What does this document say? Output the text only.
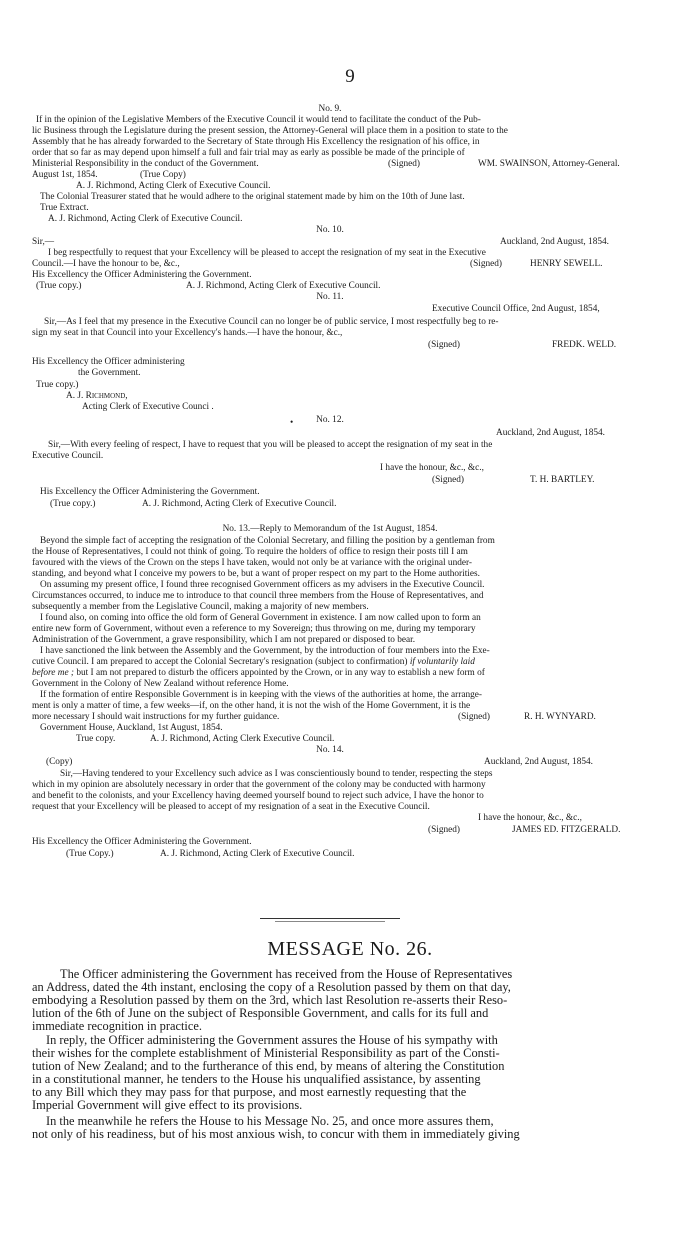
9

No. 9.

If in the opinion of the Legislative Members of the Executive Council it would tend to facilitate the conduct of the Pub-

lic Business through the Legislature during the present session, the Attorney-General will place them in a position to state to the

Assembly that he has already forwarded to the Secretary of State through His Excellency the resignation of his office, in

order that so far as may depend upon himself a full and fair trial may as early as possible be made of the principle of

Ministerial Responsibility in the conduct of the Government.	(Signed)	WM. SWAINSON, Attorney-General.

August 1st, 1854.	(True Copy)

A. J. Richmond, Acting Clerk of Executive Council.

The Colonial Treasurer stated that he would adhere to the original statement made by him on the 10th of June last.

True Extract.

A. J. Richmond, Acting Clerk of Executive Council.

No. 10.

Sir,—	Auckland, 2nd August, 1854.

I beg respectfully to request that your Excellency will be pleased to accept the resignation of my seat in the Executive

Council.—I have the honour to be, &c.,	(Signed)	HENRY SEWELL.

His Excellency the Officer Administering the Government.

(True copy.)	A. J. Richmond, Acting Clerk of Executive Council.

No. 11.

Executive Council Office, 2nd August, 1854,

Sir,—As I feel that my presence in the Executive Council can no longer be of public service, I most respectfully beg to re-

sign my seat in that Council into your Excellency's hands.—I have the honour, &c.,

(Signed)	FREDK. WELD.

His Excellency the Officer administering

the Government.

True copy.)

A. J. Richmond,

Acting Clerk of Executive Counci .

•	No. 12.

Auckland, 2nd August, 1854.

Sir,—With every feeling of respect, I have to request that you will be pleased to accept the resignation of my seat in the

Executive Council.

I have the honour, &c., &c.,

(Signed)	T. H. BARTLEY.

His Excellency the Officer Administering the Government.

(True copy.)	A. J. Richmond, Acting Clerk of Executive Council.

No. 13.—Reply to Memorandum of the 1st August, 1854.

Beyond the simple fact of accepting the resignation of the Colonial Secretary, and filling the position by a gentleman from

the House of Representatives, I could not think of going. To require the holders of office to resign their posts till I am

favoured with the views of the Crown on the steps I have taken, would not only be at variance with the original under-

standing, and beyond what I conceive my powers to be, but a want of proper respect on my part to the Home authorities.

On assuming my present office, I found three recognised Government officers as my advisers in the Executive Council.

Circumstances occurred, to induce me to introduce to that council three members from the House of Representatives, and

subsequently a member from the Legislative Council, making a majority of new members.

I found also, on coming into office the old form of General Government in existence. I am now called upon to form an

entire new form of Government, without even a reference to my Sovereign; thus throwing on me, during my temporary

Administration of the Government, a grave responsibility, which I am not prepared or disposed to bear.

I have sanctioned the link between the Assembly and the Government, by the introduction of four members into the Exe-

cutive Council. I am prepared to accept the Colonial Secretary's resignation (subject to confirmation) if voluntarily laid

before me ; but I am not prepared to disturb the officers appointed by the Crown, or in any way to establish a new form of

Government in the Colony of New Zealand without reference Home.

If the formation of entire Responsible Government is in keeping with the views of the authorities at home, the arrange-

ment is only a matter of time, a few weeks—if, on the other hand, it is not the wish of the Home Government, it is the

more necessary I should wait instructions for my further guidance.	(Signed)	R. H. WYNYARD.

Government House, Auckland, 1st August, 1854.

True copy.	A. J. Richmond, Acting Clerk Executive Council.

No. 14.

(Copy)	Auckland, 2nd August, 1854.

Sir,—Having tendered to your Excellency such advice as I was conscientiously bound to tender, respecting the steps

which in my opinion are absolutely necessary in order that the government of the colony may be conducted with harmony

and benefit to the colonists, and your Excellency having deemed yourself bound to reject such advice, I have the honor to

request that your Excellency will be pleased to accept of my resignation of a seat in the Executive Council.

I have the honour, &c., &c.,

(Signed)	JAMES ED. FITZGERALD.

His Excellency the Officer Administering the Government.

(True Copy.)	A. J. Richmond, Acting Clerk of Executive Council.

MESSAGE No. 26.

The Officer administering the Government has received from the House of Representatives

an Address, dated the 4th instant, enclosing the copy of a Resolution passed by them on that day,

embodying a Resolution passed by them on the 3rd, which last Resolution re-asserts their Reso-

lution of the 6th of June on the subject of Responsible Government, and calls for its full and

immediate recognition in practice.

In reply, the Officer administering the Government assures the House of his sympathy with

their wishes for the complete establishment of Ministerial Responsibility as part of the Consti-

tution of New Zealand; and to the furtherance of this end, by means of altering the Constitution

in a constitutional manner, he tenders to the House his unqualified assistance, by assenting

to any Bill which they may pass for that purpose, and most earnestly requesting that the

Imperial Government will give effect to its provisions.

In the meanwhile he refers the House to his Message No. 25, and once more assures them,

not only of his readiness, but of his most anxious wish, to concur with them in immediately giving
